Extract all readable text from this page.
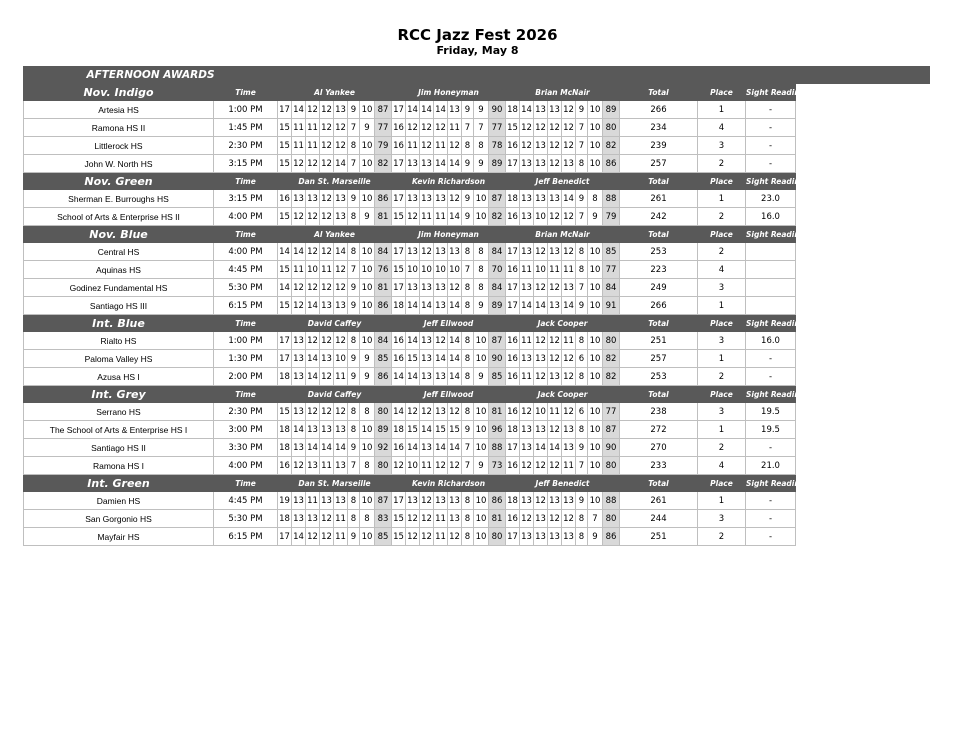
RCC Jazz Fest 2026
Friday, May 8
AFTERNOON AWARDS																												
Nov. Indigo	Time	Al Yankee								Jim Honeyman								Brian McNair								Total	Place	Sight Reading
Artesia HS	1:00 PM	17	14	12	12	13	9	10	87	17	14	14	14	13	9	9	90	18	14	13	13	12	9	10	89	266	1	-
Ramona HS II	1:45 PM	15	11	11	12	12	7	9	77	16	12	12	12	11	7	7	77	15	12	12	12	12	7	10	80	234	4	-
Littlerock HS	2:30 PM	15	11	11	12	12	8	10	79	16	11	12	11	12	8	8	78	16	12	13	12	12	7	10	82	239	3	-
John W. North HS	3:15 PM	15	12	12	12	14	7	10	82	17	13	13	14	14	9	9	89	17	13	13	12	13	8	10	86	257	2	-
Nov. Green	Time	Dan St. Marseille								Kevin Richardson								Jeff Benedict								Total	Place	Sight Reading
Sherman E. Burroughs HS	3:15 PM	16	13	13	12	13	9	10	86	17	13	13	13	12	9	10	87	18	13	13	13	14	9	8	88	261	1	23.0
School of Arts & Enterprise HS II	4:00 PM	15	12	12	12	13	8	9	81	15	12	11	11	14	9	10	82	16	13	10	12	12	7	9	79	242	2	16.0
Nov. Blue	Time	Al Yankee								Jim Honeyman								Brian McNair								Total	Place	Sight Reading
Central HS	4:00 PM	14	14	12	12	14	8	10	84	17	13	12	13	13	8	8	84	17	13	12	13	12	8	10	85	253	2	
Aquinas HS	4:45 PM	15	11	10	11	12	7	10	76	15	10	10	10	10	7	8	70	16	11	10	11	11	8	10	77	223	4	
Godinez Fundamental HS	5:30 PM	14	12	12	12	12	9	10	81	17	13	13	13	12	8	8	84	17	13	12	12	13	7	10	84	249	3	
Santiago HS III	6:15 PM	15	12	14	13	13	9	10	86	18	14	14	13	14	8	9	89	17	14	14	13	14	9	10	91	266	1	
Int. Blue	Time	David Caffey								Jeff Ellwood								Jack Cooper								Total	Place	Sight Reading
Rialto HS	1:00 PM	17	13	12	12	12	8	10	84	16	14	13	12	14	8	10	87	16	11	12	12	11	8	10	80	251	3	16.0
Paloma Valley HS	1:30 PM	17	13	14	13	10	9	9	85	16	15	13	14	14	8	10	90	16	13	13	12	12	6	10	82	257	1	-
Azusa HS I	2:00 PM	18	13	14	12	11	9	9	86	14	14	13	13	14	8	9	85	16	11	12	13	12	8	10	82	253	2	-
Int. Grey	Time	David Caffey								Jeff Ellwood								Jack Cooper								Total	Place	Sight Reading
Serrano HS	2:30 PM	15	13	12	12	12	8	8	80	14	12	12	13	12	8	10	81	16	12	10	11	12	6	10	77	238	3	19.5
The School of Arts & Enterprise HS I	3:00 PM	18	14	13	13	13	8	10	89	18	15	14	15	15	9	10	96	18	13	13	12	13	8	10	87	272	1	19.5
Santiago HS II	3:30 PM	18	13	14	14	14	9	10	92	16	14	13	14	14	7	10	88	17	13	14	14	13	9	10	90	270	2	-
Ramona HS I	4:00 PM	16	12	13	11	13	7	8	80	12	10	11	12	12	7	9	73	16	12	12	12	11	7	10	80	233	4	21.0
Int. Green	Time	Dan St. Marseille								Kevin Richardson								Jeff Benedict								Total	Place	Sight Reading
Damien HS	4:45 PM	19	13	11	13	13	8	10	87	17	13	12	13	13	8	10	86	18	13	12	13	13	9	10	88	261	1	-
San Gorgonio HS	5:30 PM	18	13	13	12	11	8	8	83	15	12	12	11	13	8	10	81	16	12	13	12	12	8	7	80	244	3	-
Mayfair HS	6:15 PM	17	14	12	12	11	9	10	85	15	12	12	11	12	8	10	80	17	13	13	13	13	8	9	86	251	2	-
